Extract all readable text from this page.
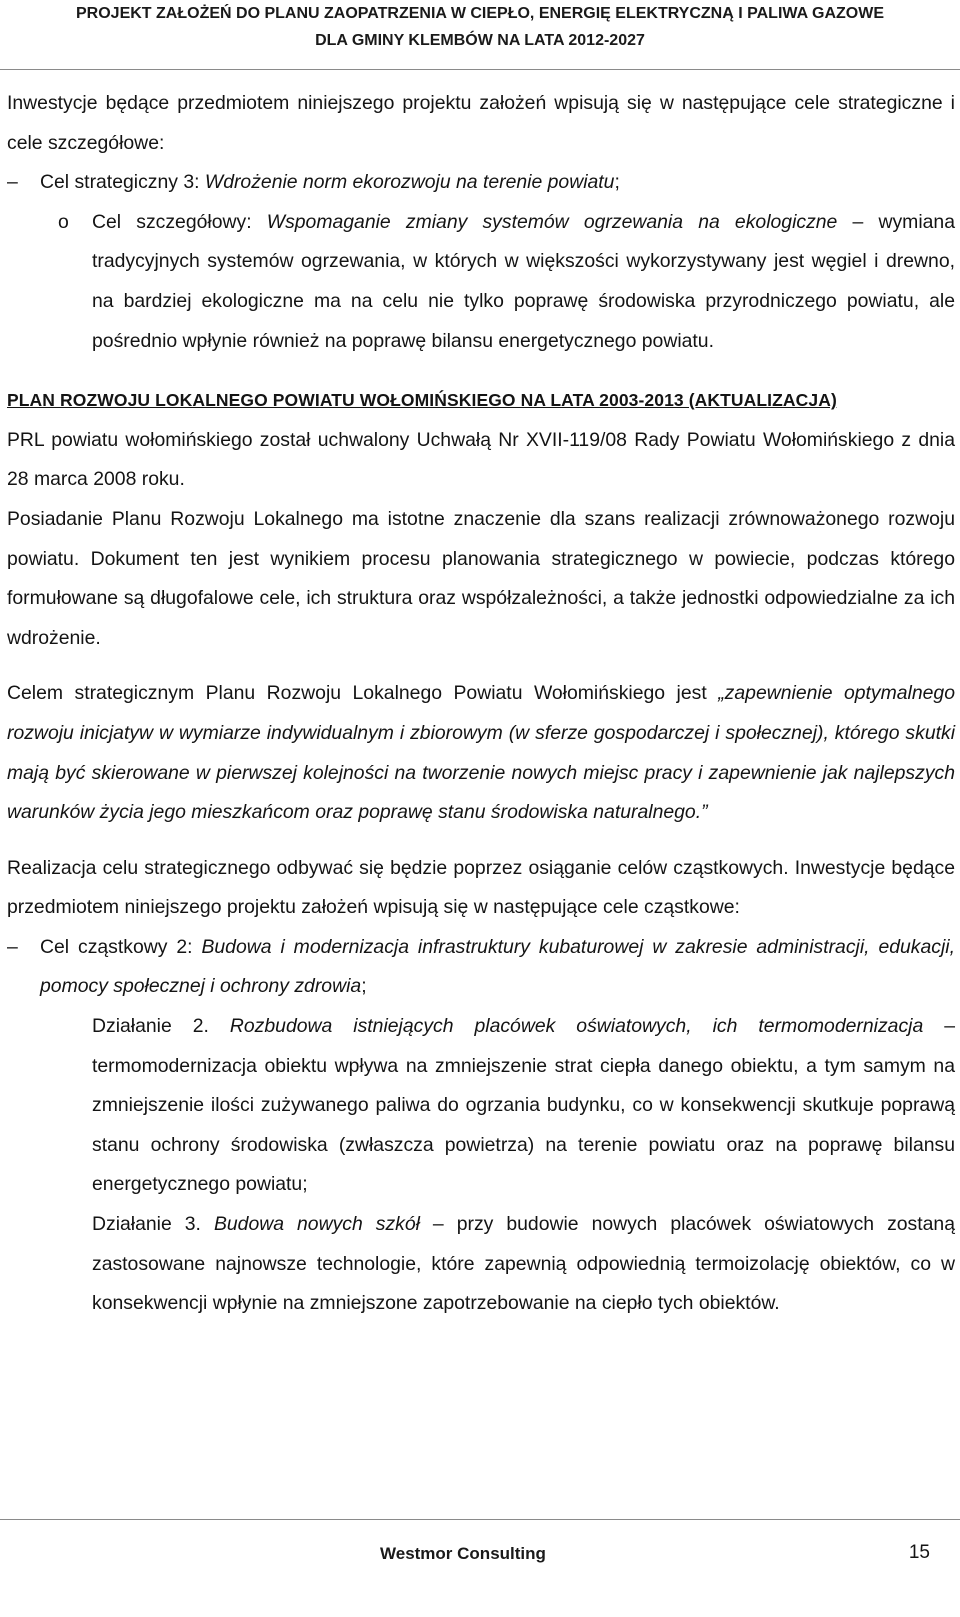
PROJEKT ZAŁOŻEŃ DO PLANU ZAOPATRZENIA W CIEPŁO, ENERGIĘ ELEKTRYCZNĄ I PALIWA GAZOWE
DLA GMINY KLEMBÓW NA LATA 2012-2027

Inwestycje będące przedmiotem niniejszego projektu założeń wpisują się w następujące cele strategiczne i cele szczegółowe:

– Cel strategiczny 3: Wdrożenie norm ekorozwoju na terenie powiatu;
o Cel szczegółowy: Wspomaganie zmiany systemów ogrzewania na ekologiczne – wymiana tradycyjnych systemów ogrzewania, w których w większości wykorzystywany jest węgiel i drewno, na bardziej ekologiczne ma na celu nie tylko poprawę środowiska przyrodniczego powiatu, ale pośrednio wpłynie również na poprawę bilansu energetycznego powiatu.

PLAN ROZWOJU LOKALNEGO POWIATU WOŁOMIŃSKIEGO NA LATA 2003-2013 (AKTUALIZACJA)

PRL powiatu wołomińskiego został uchwalony Uchwałą Nr XVII-119/08 Rady Powiatu Wołomińskiego z dnia 28 marca 2008 roku.

Posiadanie Planu Rozwoju Lokalnego ma istotne znaczenie dla szans realizacji zrównoważonego rozwoju powiatu. Dokument ten jest wynikiem procesu planowania strategicznego w powiecie, podczas którego formułowane są długofalowe cele, ich struktura oraz współzależności, a także jednostki odpowiedzialne za ich wdrożenie.

Celem strategicznym Planu Rozwoju Lokalnego Powiatu Wołomińskiego jest „zapewnienie optymalnego rozwoju inicjatyw w wymiarze indywidualnym i zbiorowym (w sferze gospodarczej i społecznej), którego skutki mają być skierowane w pierwszej kolejności na tworzenie nowych miejsc pracy i zapewnienie jak najlepszych warunków życia jego mieszkańcom oraz poprawę stanu środowiska naturalnego.”

Realizacja celu strategicznego odbywać się będzie poprzez osiąganie celów cząstkowych. Inwestycje będące przedmiotem niniejszego projektu założeń wpisują się w następujące cele cząstkowe:

– Cel cząstkowy 2: Budowa i modernizacja infrastruktury kubaturowej w zakresie administracji, edukacji, pomocy społecznej i ochrony zdrowia;
Działanie 2. Rozbudowa istniejących placówek oświatowych, ich termomodernizacja – termomodernizacja obiektu wpływa na zmniejszenie strat ciepła danego obiektu, a tym samym na zmniejszenie ilości zużywanego paliwa do ogrzania budynku, co w konsekwencji skutkuje poprawą stanu ochrony środowiska (zwłaszcza powietrza) na terenie powiatu oraz na poprawę bilansu energetycznego powiatu;
Działanie 3. Budowa nowych szkół – przy budowie nowych placówek oświatowych zostaną zastosowane najnowsze technologie, które zapewnią odpowiednią termoizolację obiektów, co w konsekwencji wpłynie na zmniejszone zapotrzebowanie na ciepło tych obiektów.
Westmor Consulting	15
